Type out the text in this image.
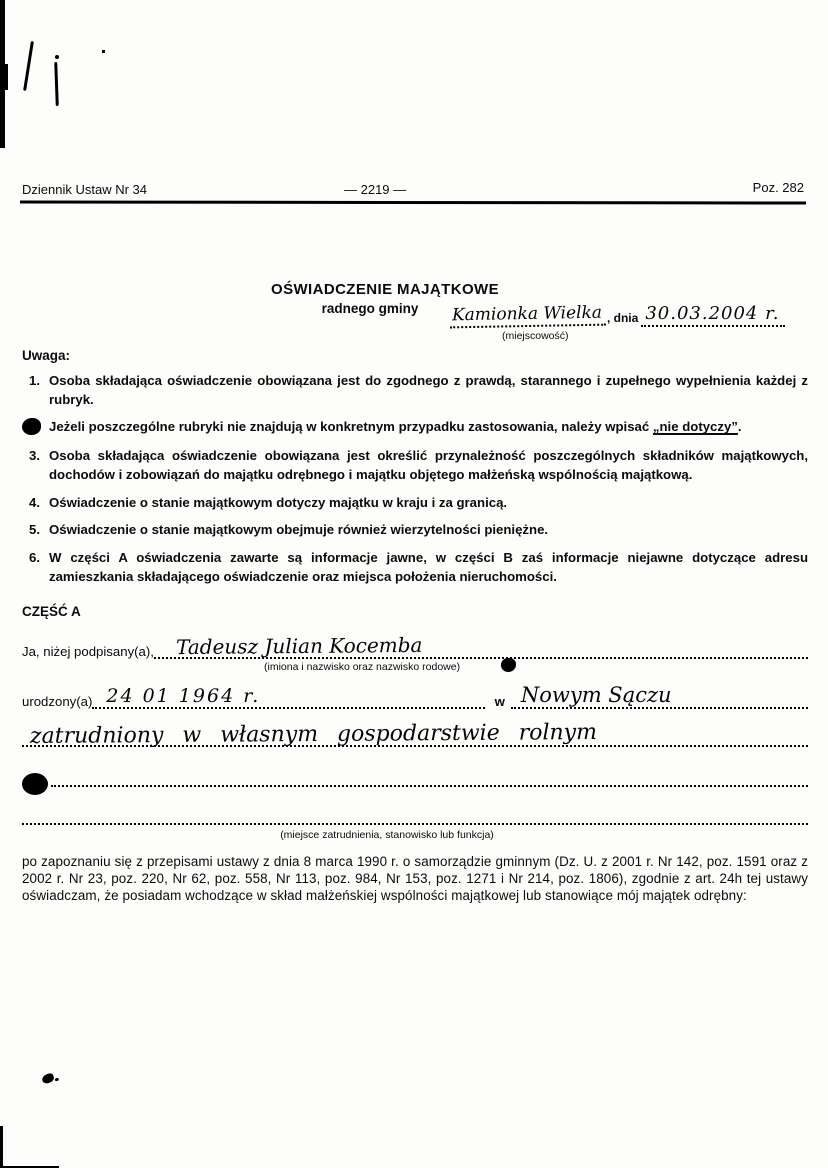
Dziennik Ustaw Nr 34	— 2219 —	Poz. 282
OŚWIADCZENIE MAJĄTKOWE
radnego gminy	Kamionka Wielka , dnia 30.03.2004 r.
(miejscowość)
Uwaga:
1. Osoba składająca oświadczenie obowiązana jest do zgodnego z prawdą, starannego i zupełnego wypełnienia każdej z rubryk.
Jeżeli poszczególne rubryki nie znajdują w konkretnym przypadku zastosowania, należy wpisać „nie dotyczy”.
3. Osoba składająca oświadczenie obowiązana jest określić przynależność poszczególnych składników majątkowych, dochodów i zobowiązań do majątku odrębnego i majątku objętego małżeńską wspólnością majątkową.
4. Oświadczenie o stanie majątkowym dotyczy majątku w kraju i za granicą.
5. Oświadczenie o stanie majątkowym obejmuje również wierzytelności pieniężne.
6. W części A oświadczenia zawarte są informacje jawne, w części B zaś informacje niejawne dotyczące adresu zamieszkania składającego oświadczenie oraz miejsca położenia nieruchomości.
CZĘŚĆ A
Ja, niżej podpisany(a), Tadeusz Julian Kocemba
(imiona i nazwisko oraz nazwisko rodowe)
urodzony(a) 24 01 1964 r.	w Nowym Sączu
zatrudniony w własnym gospodarstwie rolnym
(miejsce zatrudnienia, stanowisko lub funkcja)
po zapoznaniu się z przepisami ustawy z dnia 8 marca 1990 r. o samorządzie gminnym (Dz. U. z 2001 r. Nr 142, poz. 1591 oraz z 2002 r. Nr 23, poz. 220, Nr 62, poz. 558, Nr 113, poz. 984, Nr 153, poz. 1271 i Nr 214, poz. 1806), zgodnie z art. 24h tej ustawy oświadczam, że posiadam wchodzące w skład małżeńskiej wspólności majątkowej lub stanowiące mój majątek odrębny:
